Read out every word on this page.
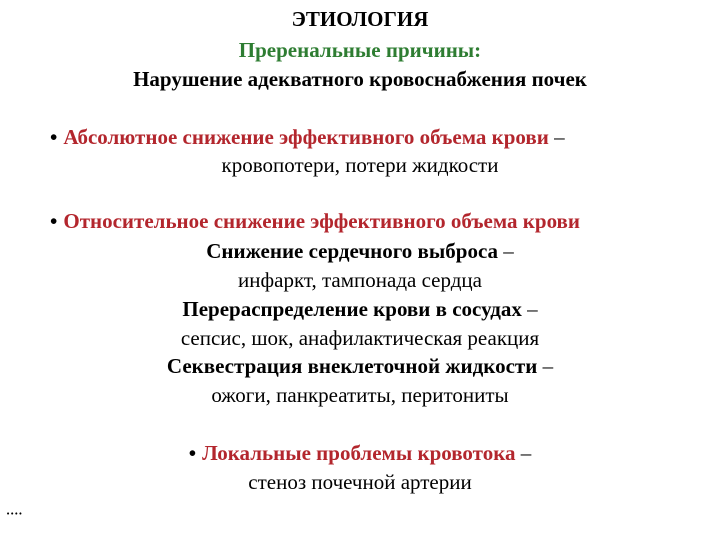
ЭТИОЛОГИЯ
Преренальные причины:
Нарушение адекватного кровоснабжения почек
• Абсолютное снижение эффективного объема крови –
кровопотери, потери жидкости
• Относительное снижение эффективного объема крови
Снижение сердечного выброса –
инфаркт, тампонада сердца
Перераспределение крови в сосудах –
сепсис, шок, анафилактическая реакция
Секвестрация внеклеточной жидкости –
ожоги, панкреатиты, перитониты
• Локальные проблемы кровотока –
стеноз почечной артерии
••••
